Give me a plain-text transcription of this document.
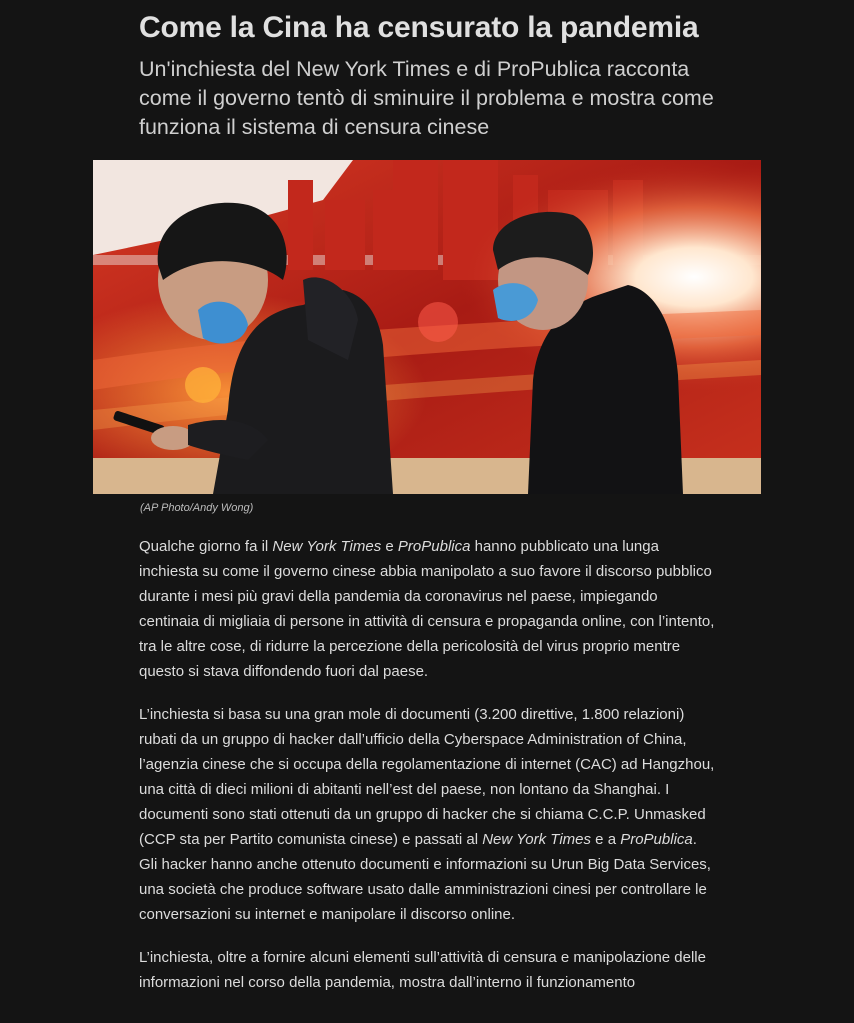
Come la Cina ha censurato la pandemia
Un'inchiesta del New York Times e di ProPublica racconta come il governo tentò di sminuire il problema e mostra come funziona il sistema di censura cinese

(AP Photo/Andy Wong)

Qualche giorno fa il New York Times e ProPublica hanno pubblicato una lunga inchiesta su come il governo cinese abbia manipolato a suo favore il discorso pubblico durante i mesi più gravi della pandemia da coronavirus nel paese, impiegando centinaia di migliaia di persone in attività di censura e propaganda online, con l’intento, tra le altre cose, di ridurre la percezione della pericolosità del virus proprio mentre questo si stava diffondendo fuori dal paese.

L’inchiesta si basa su una gran mole di documenti (3.200 direttive, 1.800 relazioni) rubati da un gruppo di hacker dall’ufficio della Cyberspace Administration of China, l’agenzia cinese che si occupa della regolamentazione di internet (CAC) ad Hangzhou, una città di dieci milioni di abitanti nell’est del paese, non lontano da Shanghai. I documenti sono stati ottenuti da un gruppo di hacker che si chiama C.C.P. Unmasked (CCP sta per Partito comunista cinese) e passati al New York Times e a ProPublica. Gli hacker hanno anche ottenuto documenti e informazioni su Urun Big Data Services, una società che produce software usato dalle amministrazioni cinesi per controllare le conversazioni su internet e manipolare il discorso online.

L’inchiesta, oltre a fornire alcuni elementi sull’attività di censura e manipolazione delle informazioni nel corso della pandemia, mostra dall’interno il funzionamento
